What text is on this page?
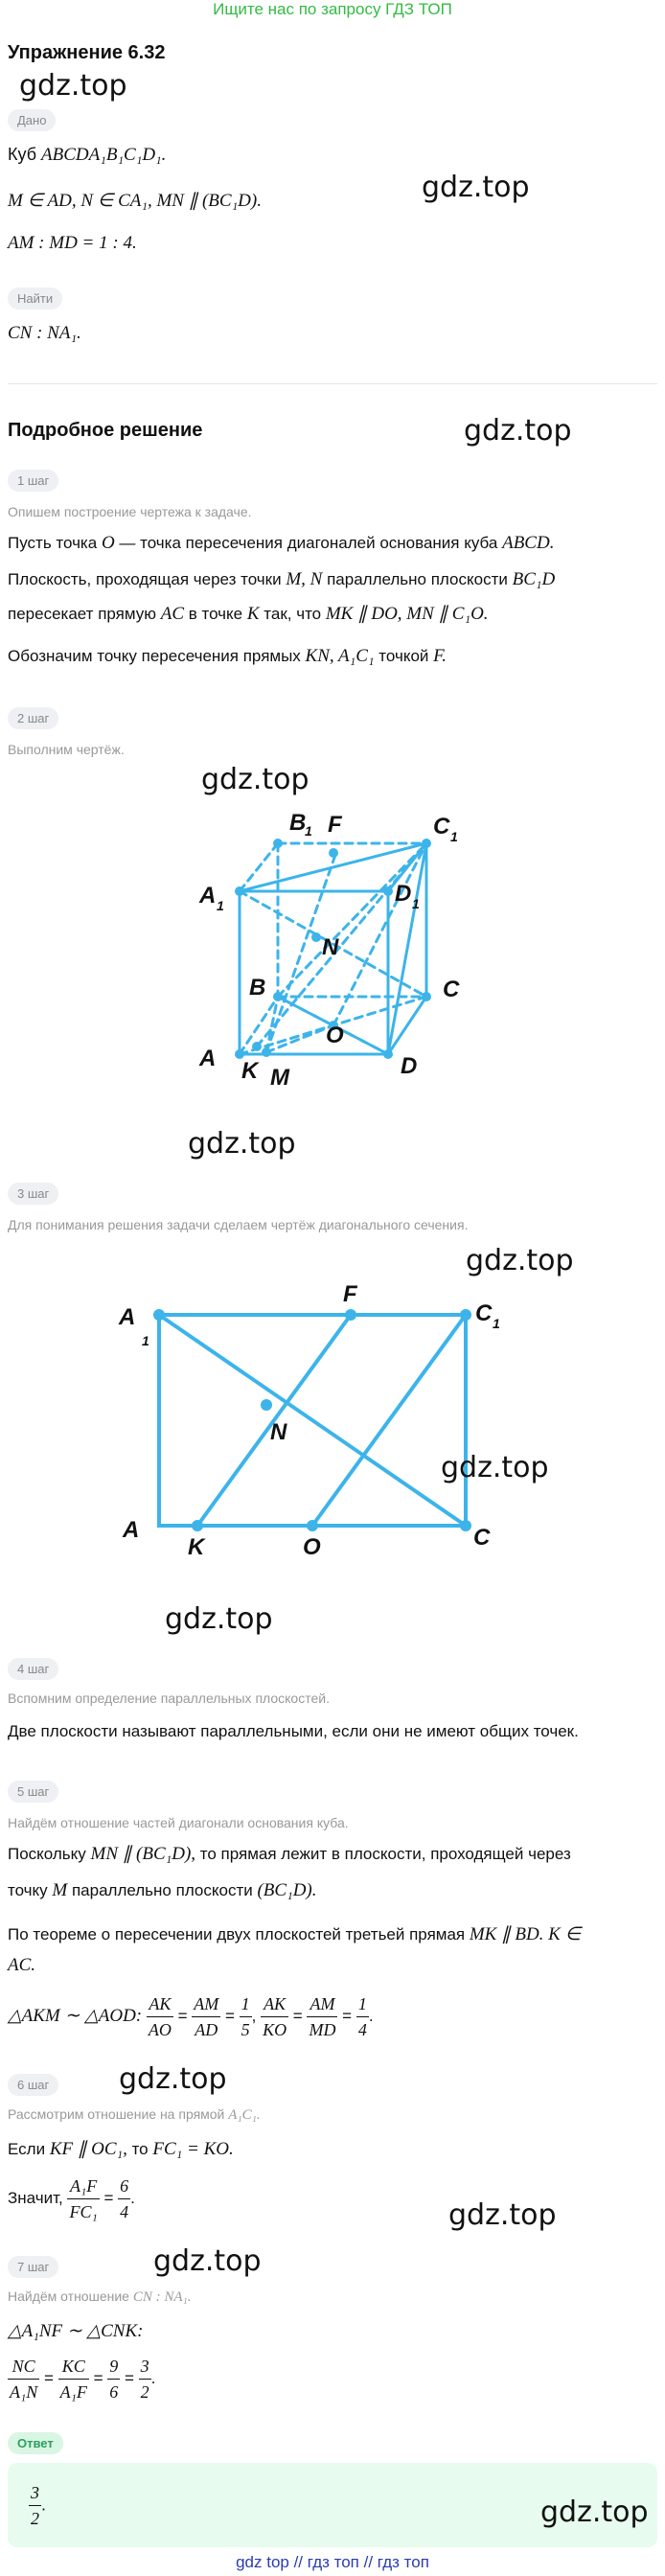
Ищите нас по запросу ГДЗ ТОП
Упражнение 6.32
gdz.top
Дано
Куб ABCDA₁B₁C₁D₁.
gdz.top
M ∈ AD, N ∈ CA₁, MN ∥ (BC₁D).
AM : MD = 1 : 4.
Найти
CN : NA₁.
Подробное решение	gdz.top
1 шаг
Опишем построение чертежа к задаче.
Пусть точка O — точка пересечения диагоналей основания куба ABCD.
Плоскость, проходящая через точки M, N параллельно плоскости BC₁D
пересекает прямую AC в точке K так, что MK ∥ DO, MN ∥ C₁O.
Обозначим точку пересечения прямых KN, A₁C₁ точкой F.
2 шаг
Выполним чертёж.
gdz.top
B
1 F	C 1
A 1	D 1
N
B	C
O
A K M	D
gdz.top
3 шаг
Для понимания решения задачи сделаем чертёж диагонального сечения.
gdz.top
A
1
F
C 1
N
A
K	O	C
gdz.top
gdz.top
4 шаг
Вспомним определение параллельных плоскостей.
Две плоскости называют параллельными, если они не имеют общих точек.
5 шаг
Найдём отношение частей диагонали основания куба.
Поскольку MN ∥ (BC₁D), то прямая лежит в плоскости, проходящей через
точку M параллельно плоскости (BC₁D).
По теореме о пересечении двух плоскостей третьей прямая MK ∥ BD. K ∈
AC.
△AKM ∼ △AOD: $\frac{AK}{AO} = \frac{AM}{AD} = \frac{1}{5}$ , $\frac{AK}{KO} = \frac{AM}{MD} = \frac{1}{4}$ .
6 шаг	gdz.top
Рассмотрим отношение на прямой A₁C₁.
Если KF ∥ OC₁, то FC₁ = KO.
Значит, $\frac{\text{A₁F}}{\text{FC₁}} = \frac{6}{4}$ .
gdz.top
7 шаг	gdz.top
Найдём отношение CN : NA₁.
△A₁NF ∼ △CNK:
$\frac{NC}{\text{A₁N}} = \frac{KC}{\text{A₁F}} = \frac{9}{6} = \frac{3}{2}$ .
Ответ
$\frac{3}{2}$ .	gdz.top
gdz top // гдз топ // гдз топ
